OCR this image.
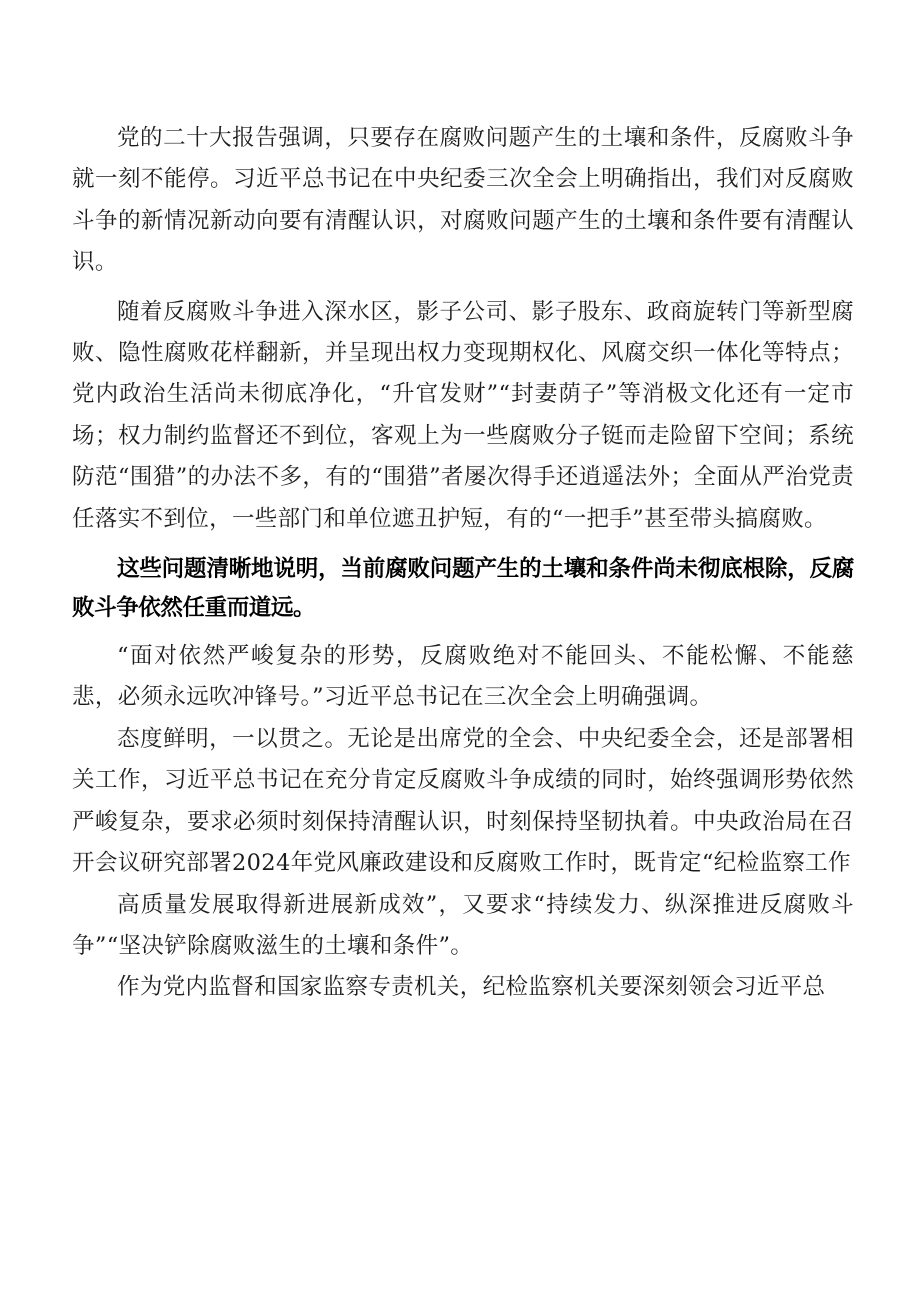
党的二十大报告强调，只要存在腐败问题产生的土壤和条件，反腐败斗争就一刻不能停。习近平总书记在中央纪委三次全会上明确指出，我们对反腐败斗争的新情况新动向要有清醒认识，对腐败问题产生的土壤和条件要有清醒认识。

随着反腐败斗争进入深水区，影子公司、影子股东、政商旋转门等新型腐败、隐性腐败花样翻新，并呈现出权力变现期权化、风腐交织一体化等特点；党内政治生活尚未彻底净化，“升官发财”“封妻荫子”等消极文化还有一定市场；权力制约监督还不到位，客观上为一些腐败分子铤而走险留下空间；系统防范“围猎”的办法不多，有的“围猎”者屡次得手还逍遥法外；全面从严治党责任落实不到位，一些部门和单位遮丑护短，有的“一把手”甚至带头搞腐败。

这些问题清晰地说明，当前腐败问题产生的土壤和条件尚未彻底根除，反腐败斗争依然任重而道远。

“面对依然严峻复杂的形势，反腐败绝对不能回头、不能松懈、不能慈悲，必须永远吹冲锋号。”习近平总书记在三次全会上明确强调。

态度鲜明，一以贯之。无论是出席党的全会、中央纪委全会，还是部署相关工作，习近平总书记在充分肯定反腐败斗争成绩的同时，始终强调形势依然严峻复杂，要求必须时刻保持清醒认识，时刻保持坚韧执着。中央政治局在召开会议研究部署2024年党风廉政建设和反腐败工作时，既肯定“纪检监察工作

高质量发展取得新进展新成效”，又要求“持续发力、纵深推进反腐败斗争”“坚决铲除腐败滋生的土壤和条件”。

作为党内监督和国家监察专责机关，纪检监察机关要深刻领会习近平总
